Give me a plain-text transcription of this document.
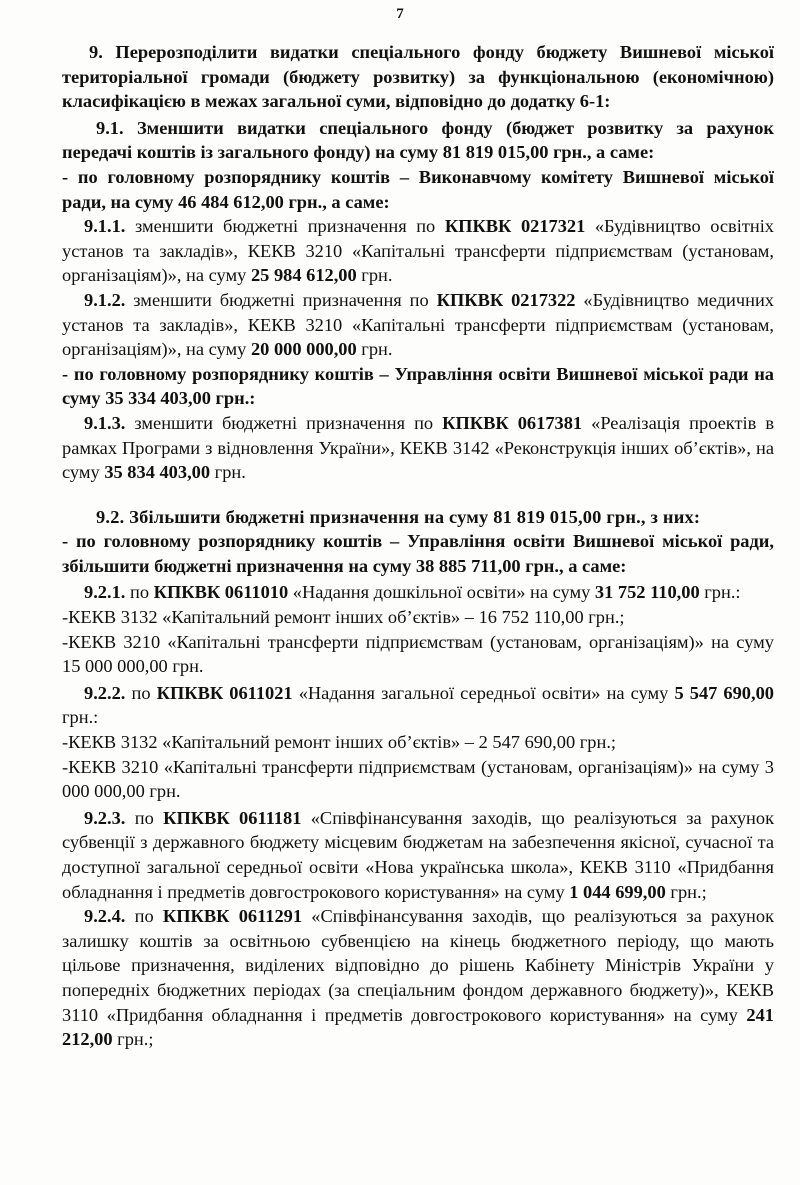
7

9. Перерозподілити видатки спеціального фонду бюджету Вишневої міської територіальної громади (бюджету розвитку) за функціональною (економічною) класифікацією в межах загальної суми, відповідно до додатку 6-1:

9.1. Зменшити видатки спеціального фонду (бюджет розвитку за рахунок передачі коштів із загального фонду) на суму 81 819 015,00 грн., а саме:

- по головному розпоряднику коштів – Виконавчому комітету Вишневої міської ради, на суму 46 484 612,00 грн., а саме:

9.1.1. зменшити бюджетні призначення по КПКВК 0217321 «Будівництво освітніх установ та закладів», КЕКВ 3210 «Капітальні трансферти підприємствам (установам, організаціям)», на суму 25 984 612,00 грн.

9.1.2. зменшити бюджетні призначення по КПКВК 0217322 «Будівництво медичних установ та закладів», КЕКВ 3210 «Капітальні трансферти підприємствам (установам, організаціям)», на суму 20 000 000,00 грн.

- по головному розпоряднику коштів – Управління освіти Вишневої міської ради на суму 35 334 403,00 грн.:

9.1.3. зменшити бюджетні призначення по КПКВК 0617381 «Реалізація проектів в рамках Програми з відновлення України», КЕКВ 3142 «Реконструкція інших об’єктів», на суму 35 834 403,00 грн.

9.2. Збільшити бюджетні призначення на суму 81 819 015,00 грн., з них:

- по головному розпоряднику коштів – Управління освіти Вишневої міської ради, збільшити бюджетні призначення на суму 38 885 711,00 грн., а саме:

9.2.1. по КПКВК 0611010 «Надання дошкільної освіти» на суму 31 752 110,00 грн.:

-КЕКВ 3132 «Капітальний ремонт інших об’єктів» – 16 752 110,00 грн.;

-КЕКВ 3210 «Капітальні трансферти підприємствам (установам, організаціям)» на суму 15 000 000,00 грн.

9.2.2. по КПКВК 0611021 «Надання загальної середньої освіти» на суму 5 547 690,00 грн.:

-КЕКВ 3132 «Капітальний ремонт інших об’єктів» – 2 547 690,00 грн.;

-КЕКВ 3210 «Капітальні трансферти підприємствам (установам, організаціям)» на суму 3 000 000,00 грн.

9.2.3. по КПКВК 0611181 «Співфінансування заходів, що реалізуються за рахунок субвенції з державного бюджету місцевим бюджетам на забезпечення якісної, сучасної та доступної загальної середньої освіти «Нова українська школа», КЕКВ 3110 «Придбання обладнання і предметів довгострокового користування» на суму 1 044 699,00 грн.;

9.2.4. по КПКВК 0611291 «Співфінансування заходів, що реалізуються за рахунок залишку коштів за освітньою субвенцією на кінець бюджетного періоду, що мають цільове призначення, виділених відповідно до рішень Кабінету Міністрів України у попередніх бюджетних періодах (за спеціальним фондом державного бюджету)», КЕКВ 3110 «Придбання обладнання і предметів довгострокового користування» на суму 241 212,00 грн.;
